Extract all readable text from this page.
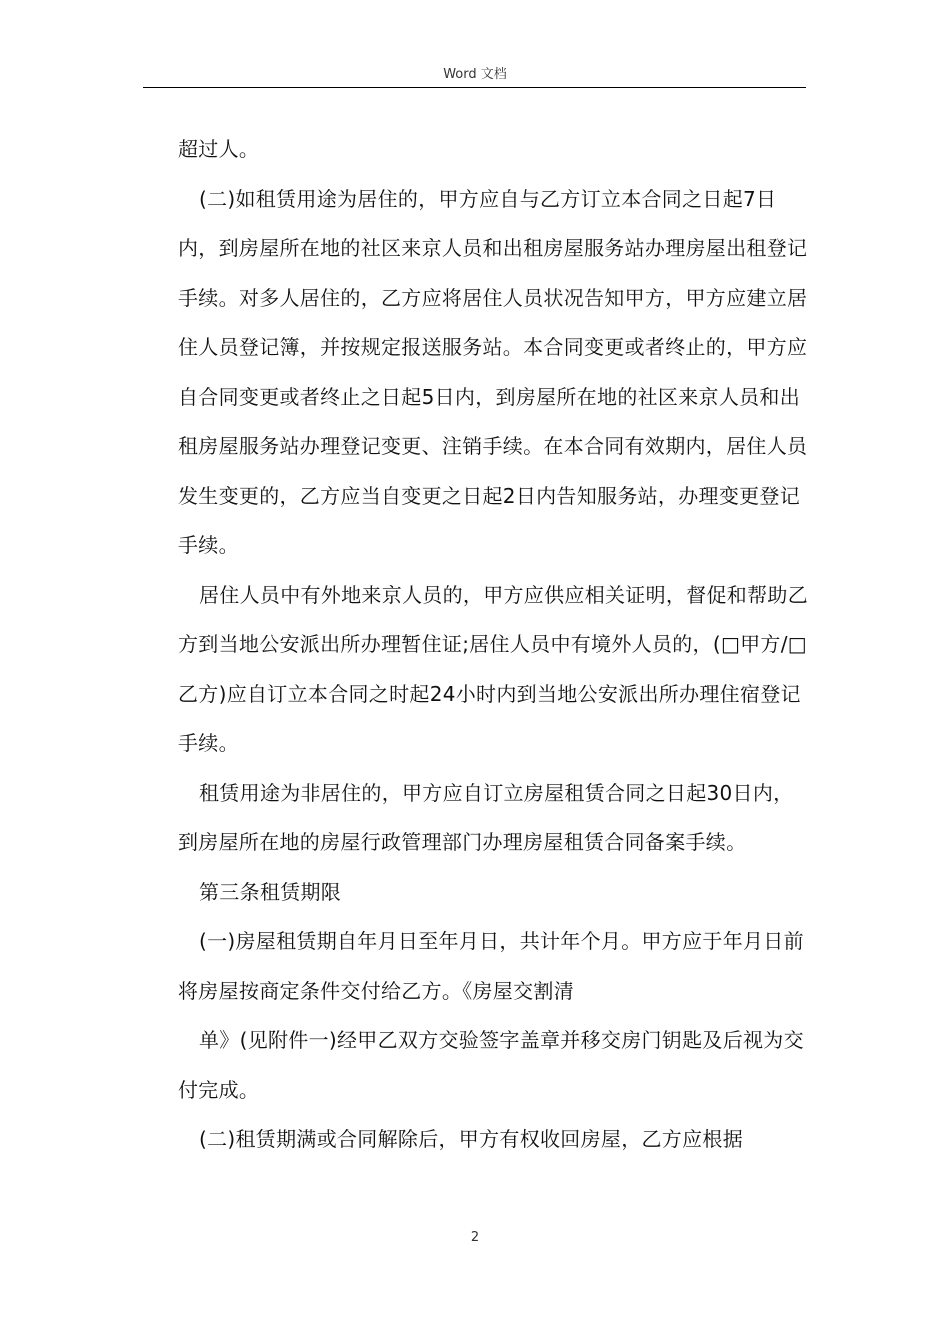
Word 文档

超过人。

(二)如租赁用途为居住的，甲方应自与乙方订立本合同之日起7日内，到房屋所在地的社区来京人员和出租房屋服务站办理房屋出租登记手续。对多人居住的，乙方应将居住人员状况告知甲方，甲方应建立居住人员登记簿，并按规定报送服务站。本合同变更或者终止的，甲方应自合同变更或者终止之日起5日内，到房屋所在地的社区来京人员和出租房屋服务站办理登记变更、注销手续。在本合同有效期内，居住人员发生变更的，乙方应当自变更之日起2日内告知服务站，办理变更登记手续。

居住人员中有外地来京人员的，甲方应供应相关证明，督促和帮助乙方到当地公安派出所办理暂住证;居住人员中有境外人员的，(□甲方/□乙方)应自订立本合同之时起24小时内到当地公安派出所办理住宿登记手续。

租赁用途为非居住的，甲方应自订立房屋租赁合同之日起30日内，到房屋所在地的房屋行政管理部门办理房屋租赁合同备案手续。

第三条租赁期限

(一)房屋租赁期自年月日至年月日，共计年个月。甲方应于年月日前将房屋按商定条件交付给乙方。《房屋交割清

单》(见附件一)经甲乙双方交验签字盖章并移交房门钥匙及后视为交付完成。

(二)租赁期满或合同解除后，甲方有权收回房屋，乙方应根据

2
